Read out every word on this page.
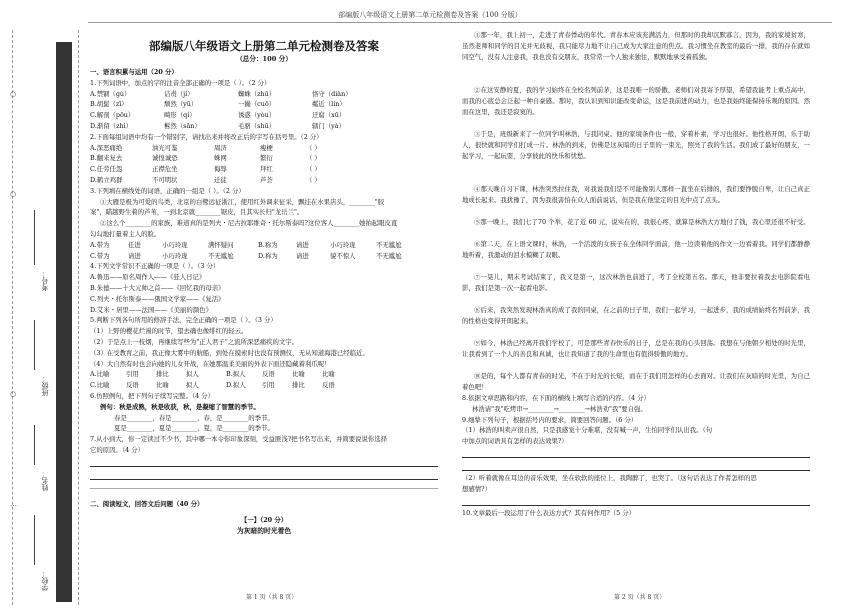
部编版八年级语文上册第二单元检测卷及答案（100 分版）
考号：
班级：
姓名：
学校：
○
○
○
…
部编版八年级语文上册第二单元检测卷及答案
（总分：100 分）
一、语言积累与运用（20 分）
1.下列词语中，加点的字的注音全部正确的一项是（ ）。（2 分）
A.禁锢（gù）	诘责（jí）	蜘蛛（zhū）	恪守（diàn）
B.胡髭（zī）	颓然（yū）	一撮（cuō）	粼近（lín）
C.解剖（pōu）	畸形（qí）	诱惑（yòu）	迂腐（xū）
D.渐留（zhì）	髫然（sǎn）	毛骆（shū）	辖门（yà）
2.下面每组词语中均有一个错别字，请找出来并将改正后的字写在括号里。（2 分）
A.深恶痛绝	油光可鉴	周济	瘦梗	（ ）
B.翻来复去	诚惶诚恐	蛛网	繁衍	（ ）
C.任劳任怨	正襟危坐	侮辱	拜红	（ ）
D.鹤立鸡群	不可明状	迁徒	芦荟	（ ）
3.下列填在横线处的词语，正确的一组是（ ）。（2 分）
①大雁是极为可爱的鸟类，北京的白鹭远征浙江，使用红外调来征采，飘挂在水果店头，________"胶
案"，瞄越野生着的芦苇，一到北京就________锯皮，且其实长归"龙岳兰"。
②这么个________的家族，难道真的是列夫・尼古拉耶维奇・托尔斯泰吗?这位客人________她拍起眼皮直
勾勾地打量着主人的脸。
A.带为	任进	小巧玲珑	满怀疑问	B.称为	请进	小巧玲珑	不无尴尬
C.带为	请进	小巧玲珑	不无尴尬	D.称为	请进	貌不惊人	不无尴尬
4.下列文学常识不正确的一项是（ ）。（3 分）
A.鲁迅——原名周作人——《狂人日记》
B.朱德——十大元帅之首——《回忆我的母亲》
C.列夫・托尔斯泰——俄国文学家——《复活》
D.艾米・居里——法国——《美丽的颜色》
5.判断下列各句所用的修辞手法，完全正确的一项是（ ）。（3 分）
（1）上野的樱花烂漫的时节，望去确也像绯红的轻云。
（2）于是点上一枝烟，再继续写些为"正人君子"之流所深恶痛疾的文字。
（3）在受教育之前，我正像大雾中的航船，到处在摸索时也没有预测仪，无从知道海港已经临近。
（4）大自然有时也会向她的儿女开战，在她那温柔美丽的外表下面还隐藏着利爪呢！
A.比喻	引用	排比	拟人	B.拟人	反语	比喻	比喻
C.比喻	反语	比喻	拟人	D.拟人	引用	排比	反语
6.仿照例句，把下列句子续写完整。（4 分）
例句：秋是成熟，秋是收获，秋，是凝缩了智慧的季节。
春是________，春是________，春，是________的季节。
夏是________，夏是________，夏，是________的季节。
7.从小到大，你一定读过不少书，其中哪一本令你印象深刻，受益匪浅?把书名写出来，并简要说说你选择
它的原因。（4 分）
二、阅读短文，回答文后问题（40 分）
【一】（20 分）
为灰暗的时光着色
第 1 页（共 8 页）
①那一年，我上初一，走进了青春悸动的年代。青春本应该充满活力，但那时的我却沉默寡言，因为，我的家境贫寒，虽然老师和同学的目光并无歧视，我只能尽力地不让自己成为大家注意的焦点。我习惯坐在教室的最后一排，我的存在就如同空气，没有人注意我，我也没有交朋友，我常常一个人独来独往，默默地承受着孤独。
②在这安静的夏，我的学习始终在全校名列前茅，这是我唯一的骄傲，老师们对我寄予厚望，希望我能考上重点高中，而我的心底总会泛起一种自豪感。那时，我认识到知识能改变命运，这是我前进的动力，也是我始终能保持乐观的原因。然而在这里，我还是寂寞的。
③于是，班级新来了一位同学叫林浩，与我同桌。他的家境条件也一般，穿着朴素，学习也很好。他性格开朗，乐于助人，很快就和同学们打成一片。林浩的到来，仿佛是这灰暗的日子里的一束光，照亮了我的生活。我们成了最好的朋友，一起学习，一起玩耍，分享彼此的快乐和忧愁。
④那天晚自习下课，林浩突然拉住我，对我说我们是不可能像别人那样一直坐在后排的，我们要挣脱自卑，让自己真正地成长起来。我犹豫了，因为我很害怕在众人面前说话，但是我在他坚定的目光中点了点头。
⑤那一晚上，我们七了70 个举，花了近 60 元，说实在的，我很心疼，就算是林浩大方地付了钱，我心里还很不好受。
⑥第二天，在上语文课时，林浩，一个活泼的女孩子在全体同学面前，他一边读着他的作文一边看着我。同学们都静静地听着，我激动的泪水模糊了双眼。
⑦一晃儿，期末考试结束了，我又是第一，这次林浩也前进了，考了全校第五名。那天，他非要拉着我去电影院看电影，我们是第一次一起看电影。
⑧后来，我突然发现林浩真的成了我的同桌，在之前的日子里，我们一起学习，一起进步，我的成绩始终名列前茅，我的性格也变得开朗起来。
⑨如今，林浩已经离开我们学校了，可是那些青春快乐的日子，总是在我的心头回荡。我想在与他朝夕相处的时光里，让我看到了一个人的善良和真诚，也让我知道了我的生命里也有值得骄傲的地方。
⑩是的，每个人都有青春的时光，不在于时光的长短，而在于我们用怎样的心去面对。让我们在灰暗的时光里，为自己着色吧！
8.依据文章思路和内容，在下面的横线上填写合适的内容。（4 分）
林浩请"我"吃烤串→________→________→林浩劝"我"要自强。
9.细挚下列句子，根据括号内的要求，简要回答问题。（6 分）
（1）林浩的叫卖声很自然，只是我感觉十分难堪，没有喊一声，生怕同学们认出我。（句
中加点的词语具有怎样的表达效果?）
（2）听着就像在耳边的音乐效果，坐在软软的座位上，我陶醉了，也哭了。（这句话表达了作者怎样的思
想感情?）
10.文章最后一段运用了什么表达方式？其有何作用?（5 分）
第 2 页（共 8 页）
